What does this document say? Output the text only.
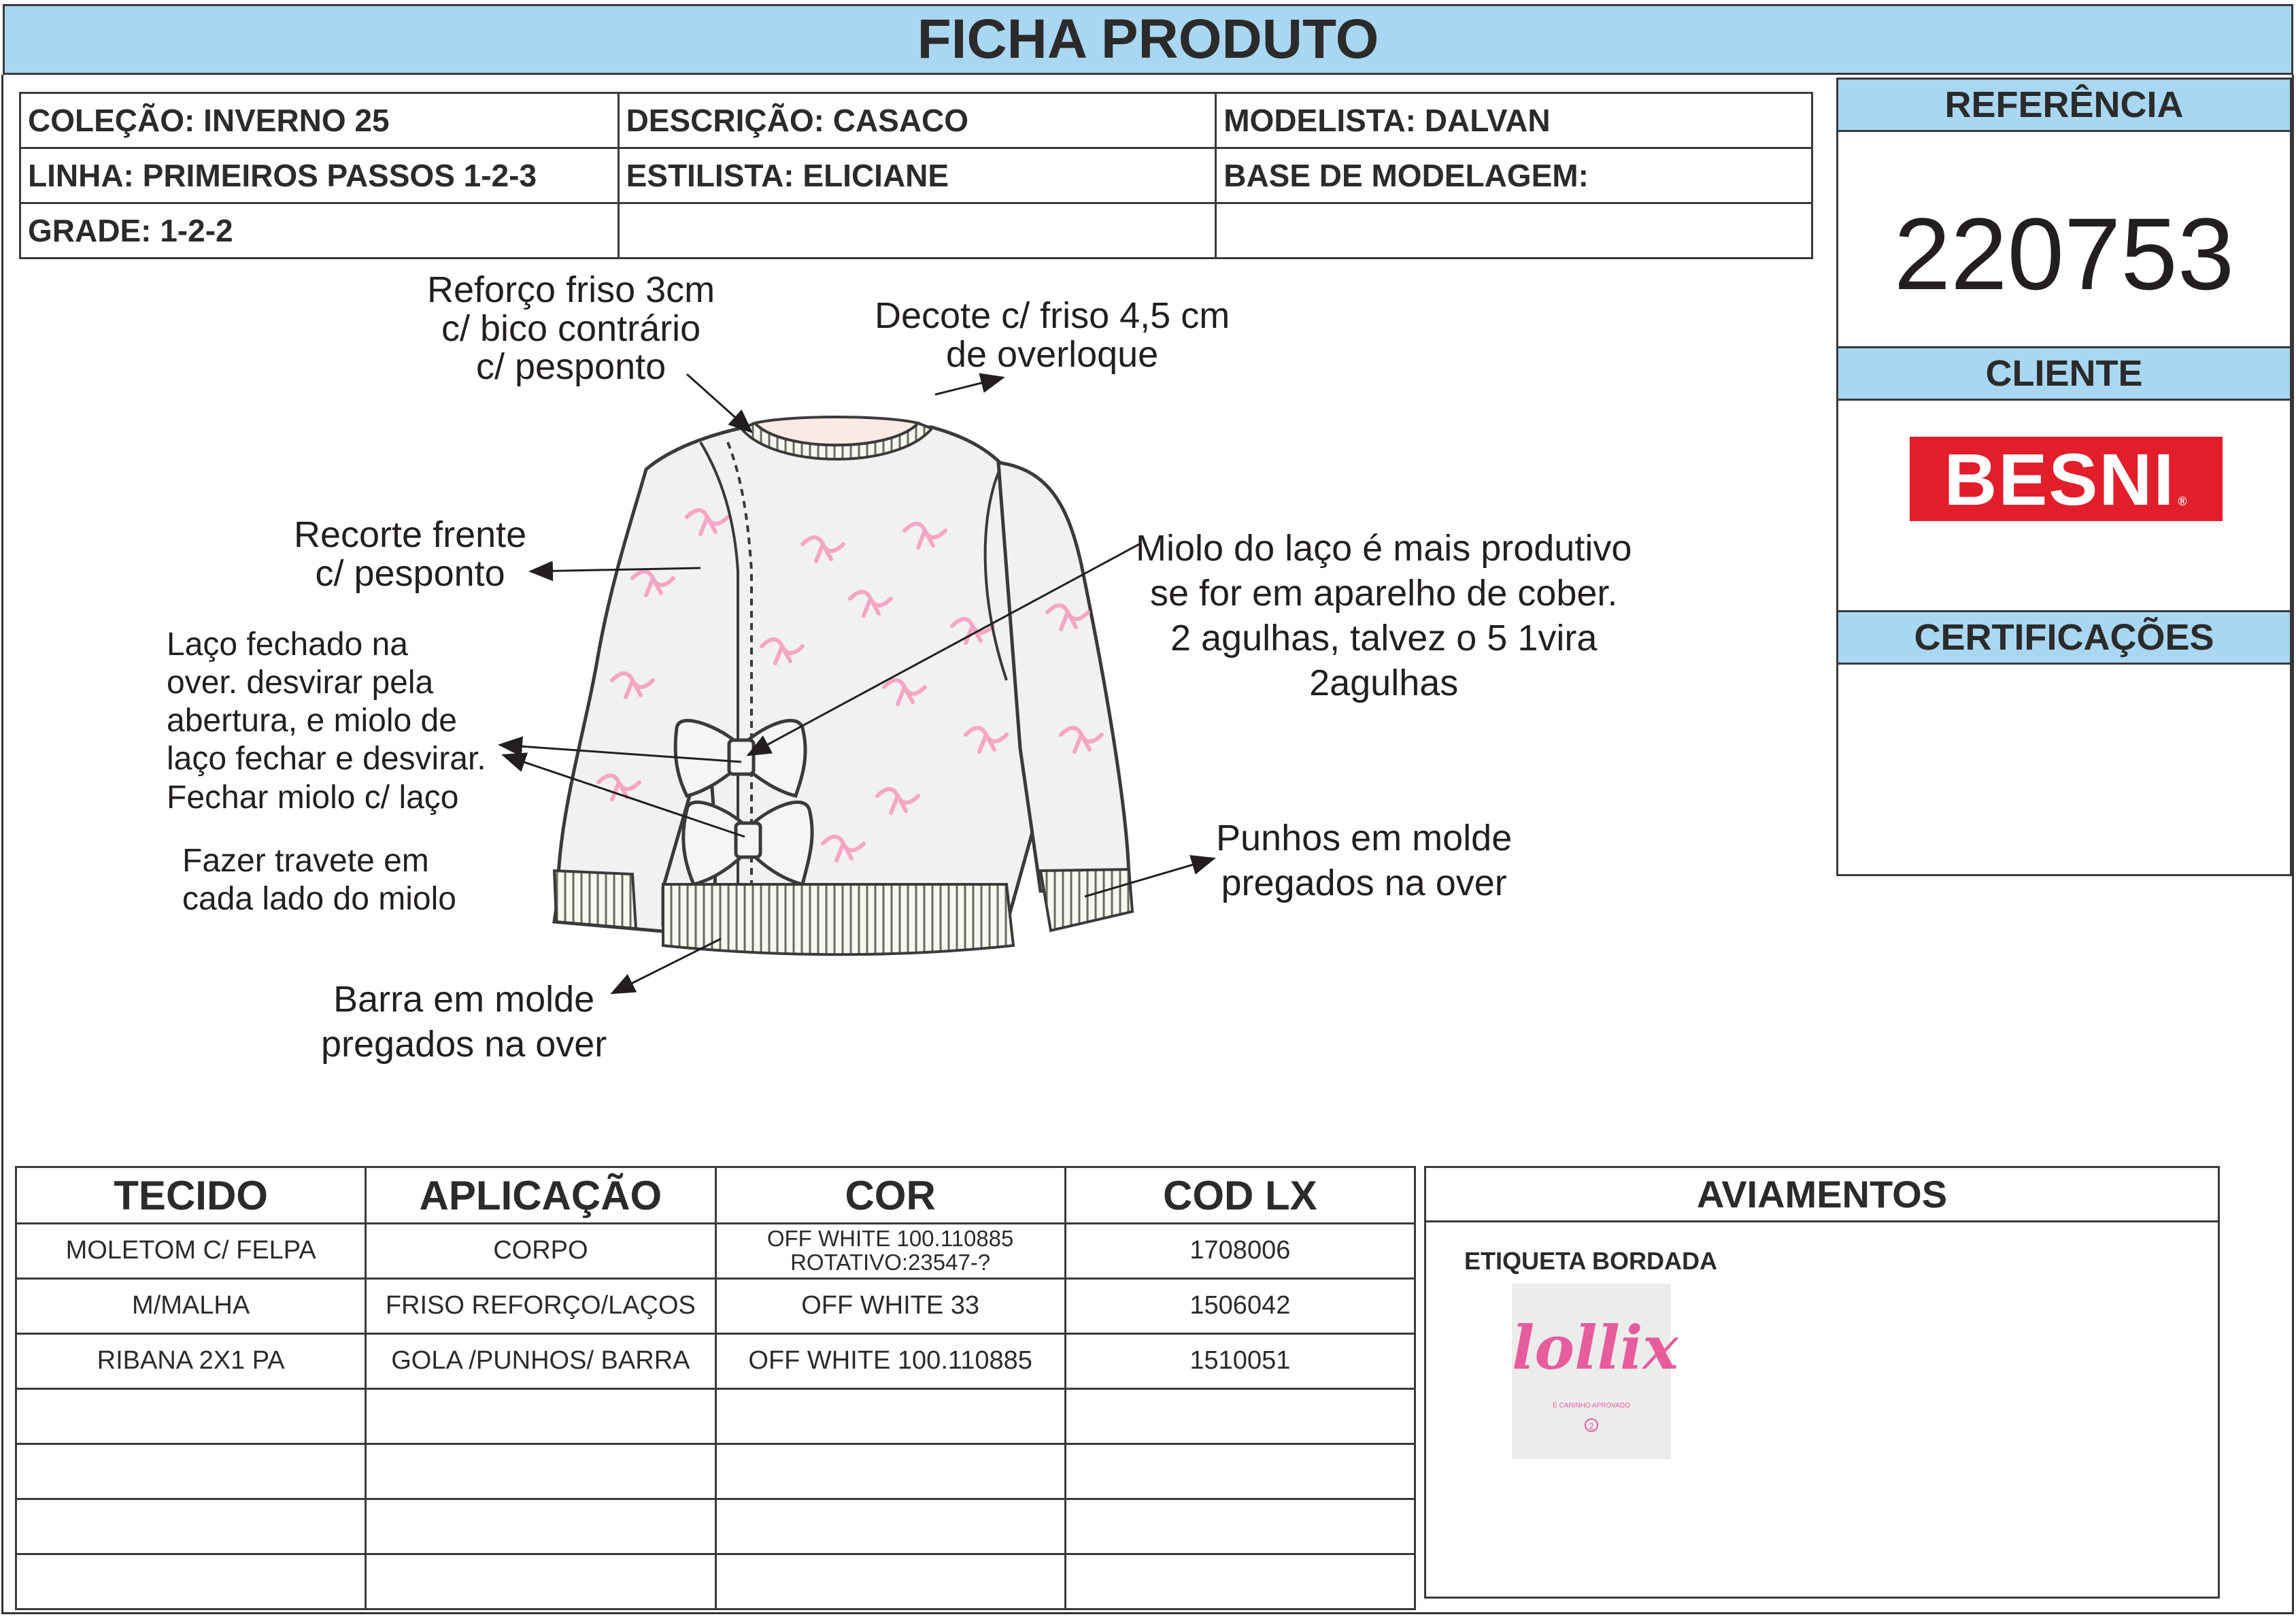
FICHA PRODUTO
COLEÇÃO: INVERNO 25	DESCRIÇÃO: CASACO	MODELISTA: DALVAN
LINHA: PRIMEIROS PASSOS 1-2-3	ESTILISTA: ELICIANE	BASE DE MODELAGEM:
GRADE: 1-2-2		
REFERÊNCIA
220753
CLIENTE
BESNI ®
CERTIFICAÇÕES
Reforço friso 3cm
c/ bico contrário
c/ pesponto
Decote c/ friso 4,5 cm
de overloque
Recorte frente
c/ pesponto
Miolo do laço é mais produtivo
se for em aparelho de cober.
2 agulhas, talvez o 5 1vira
2agulhas
Laço fechado na
over. desvirar pela
abertura, e miolo de
laço fechar e desvirar.
Fechar miolo c/ laço
Fazer travete em
cada lado do miolo
Punhos em molde
pregados na over
Barra em molde
pregados na over
TECIDO	APLICAÇÃO	COR	COD LX
MOLETOM C/ FELPA	CORPO	OFF WHITE 100.110885
ROTATIVO:23547-?	1708006
M/MALHA	FRISO REFORÇO/LAÇOS	OFF WHITE 33	1506042
RIBANA 2X1 PA	GOLA /PUNHOS/ BARRA	OFF WHITE 100.110885	1510051

AVIAMENTOS
ETIQUETA BORDADA
lollix
É CARINHO APROVADO
2
